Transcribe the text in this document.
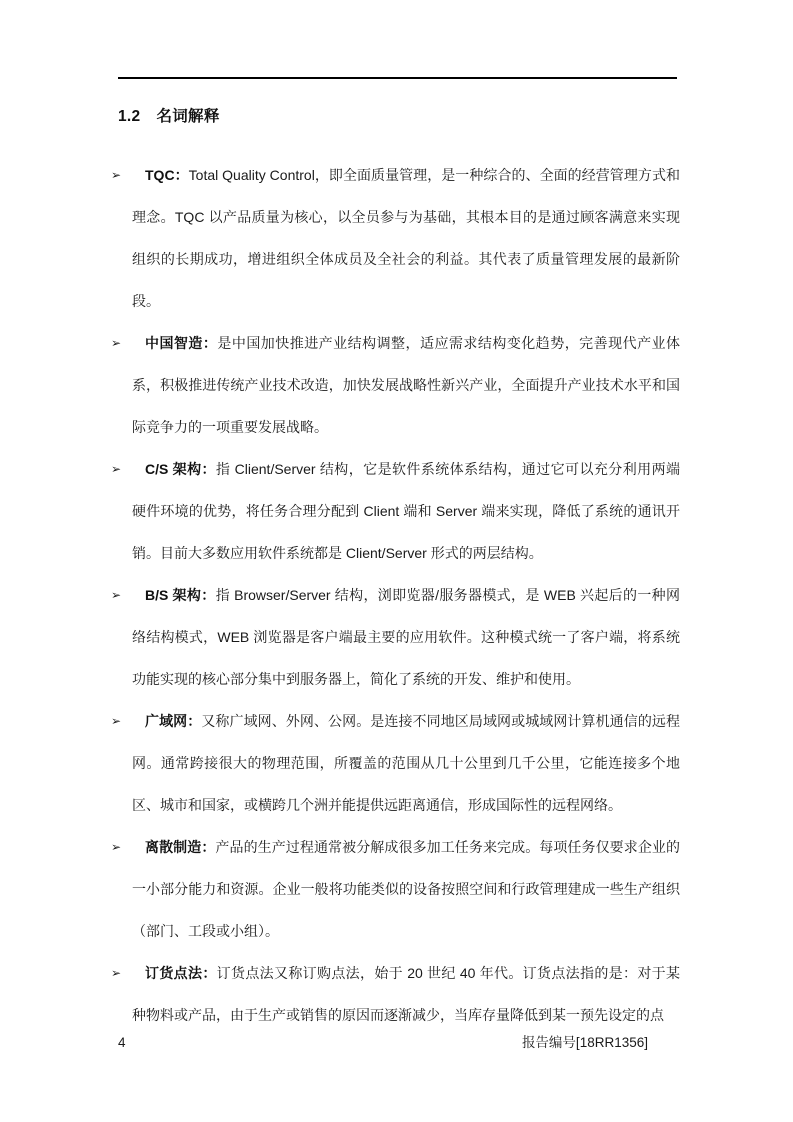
1.2 名词解释
➢ TQC：Total Quality Control，即全面质量管理，是一种综合的、全面的经营管理方式和理念。TQC 以产品质量为核心，以全员参与为基础，其根本目的是通过顾客满意来实现组织的长期成功，增进组织全体成员及全社会的利益。其代表了质量管理发展的最新阶段。
➢ 中国智造：是中国加快推进产业结构调整，适应需求结构变化趋势，完善现代产业体系，积极推进传统产业技术改造，加快发展战略性新兴产业，全面提升产业技术水平和国际竞争力的一项重要发展战略。
➢ C/S 架构：指 Client/Server 结构，它是软件系统体系结构，通过它可以充分利用两端硬件环境的优势，将任务合理分配到 Client 端和 Server 端来实现，降低了系统的通讯开销。目前大多数应用软件系统都是 Client/Server 形式的两层结构。
➢ B/S 架构：指 Browser/Server 结构，浏即览器/服务器模式，是 WEB 兴起后的一种网络结构模式，WEB 浏览器是客户端最主要的应用软件。这种模式统一了客户端，将系统功能实现的核心部分集中到服务器上，简化了系统的开发、维护和使用。
➢ 广域网：又称广域网、外网、公网。是连接不同地区局域网或城域网计算机通信的远程网。通常跨接很大的物理范围，所覆盖的范围从几十公里到几千公里，它能连接多个地区、城市和国家，或横跨几个洲并能提供远距离通信，形成国际性的远程网络。
➢ 离散制造：产品的生产过程通常被分解成很多加工任务来完成。每项任务仅要求企业的一小部分能力和资源。企业一般将功能类似的设备按照空间和行政管理建成一些生产组织（部门、工段或小组）。
➢ 订货点法：订货点法又称订购点法，始于 20 世纪 40 年代。订货点法指的是：对于某种物料或产品，由于生产或销售的原因而逐渐减少，当库存量降低到某一预先设定的点
4	报告编号[18RR1356]
